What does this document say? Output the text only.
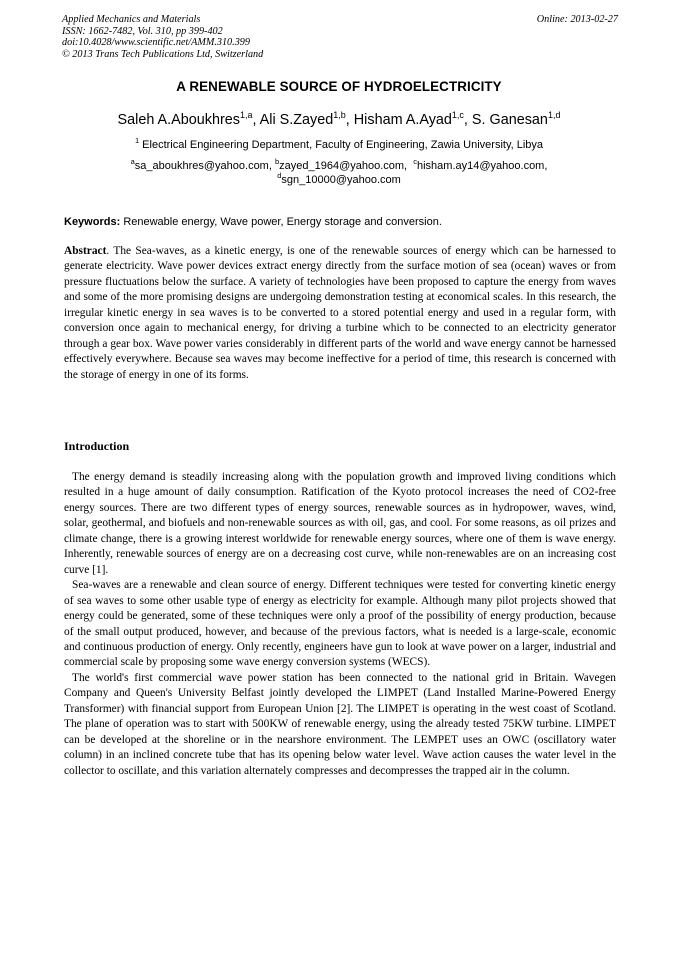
Applied Mechanics and Materials
ISSN: 1662-7482, Vol. 310, pp 399-402
doi:10.4028/www.scientific.net/AMM.310.399
© 2013 Trans Tech Publications Ltd, Switzerland
Online: 2013-02-27
A RENEWABLE SOURCE OF HYDROELECTRICITY
Saleh A.Aboukhres$^{1,a}$, Ali S.Zayed$^{1,b}$, Hisham A.Ayad$^{1,c}$, S. Ganesan$^{1,d}$
$^1$ Electrical Engineering Department, Faculty of Engineering, Zawia University, Libya
$^a$sa_aboukhres@yahoo.com, $^b$zayed_1964@yahoo.com, $^c$hisham.ay14@yahoo.com,
$^d$sgn_10000@yahoo.com
Keywords: Renewable energy, Wave power, Energy storage and conversion.
Abstract. The Sea-waves, as a kinetic energy, is one of the renewable sources of energy which can be harnessed to generate electricity. Wave power devices extract energy directly from the surface motion of sea (ocean) waves or from pressure fluctuations below the surface. A variety of technologies have been proposed to capture the energy from waves and some of the more promising designs are undergoing demonstration testing at economical scales. In this research, the irregular kinetic energy in sea waves is to be converted to a stored potential energy and used in a regular form, with conversion once again to mechanical energy, for driving a turbine which to be connected to an electricity generator through a gear box. Wave power varies considerably in different parts of the world and wave energy cannot be harnessed effectively everywhere. Because sea waves may become ineffective for a period of time, this research is concerned with the storage of energy in one of its forms.
Introduction

The energy demand is steadily increasing along with the population growth and improved living conditions which resulted in a huge amount of daily consumption. Ratification of the Kyoto protocol increases the need of CO2-free energy sources. There are two different types of energy sources, renewable sources as in hydropower, waves, wind, solar, geothermal, and biofuels and non-renewable sources as with oil, gas, and cool. For some reasons, as oil prizes and climate change, there is a growing interest worldwide for renewable energy sources, where one of them is wave energy. Inherently, renewable sources of energy are on a decreasing cost curve, while non-renewables are on an increasing cost curve [1].

Sea-waves are a renewable and clean source of energy. Different techniques were tested for converting kinetic energy of sea waves to some other usable type of energy as electricity for example. Although many pilot projects showed that energy could be generated, some of these techniques were only a proof of the possibility of energy production, because of the small output produced, however, and because of the previous factors, what is needed is a large-scale, economic and continuous production of energy. Only recently, engineers have gun to look at wave power on a larger, industrial and commercial scale by proposing some wave energy conversion systems (WECS).

The world's first commercial wave power station has been connected to the national grid in Britain. Wavegen Company and Queen's University Belfast jointly developed the LIMPET (Land Installed Marine-Powered Energy Transformer) with financial support from European Union [2]. The LIMPET is operating in the west coast of Scotland. The plane of operation was to start with 500KW of renewable energy, using the already tested 75KW turbine. LIMPET can be developed at the shoreline or in the nearshore environment. The LEMPET uses an OWC (oscillatory water column) in an inclined concrete tube that has its opening below water level. Wave action causes the water level in the collector to oscillate, and this variation alternately compresses and decompresses the trapped air in the column.
